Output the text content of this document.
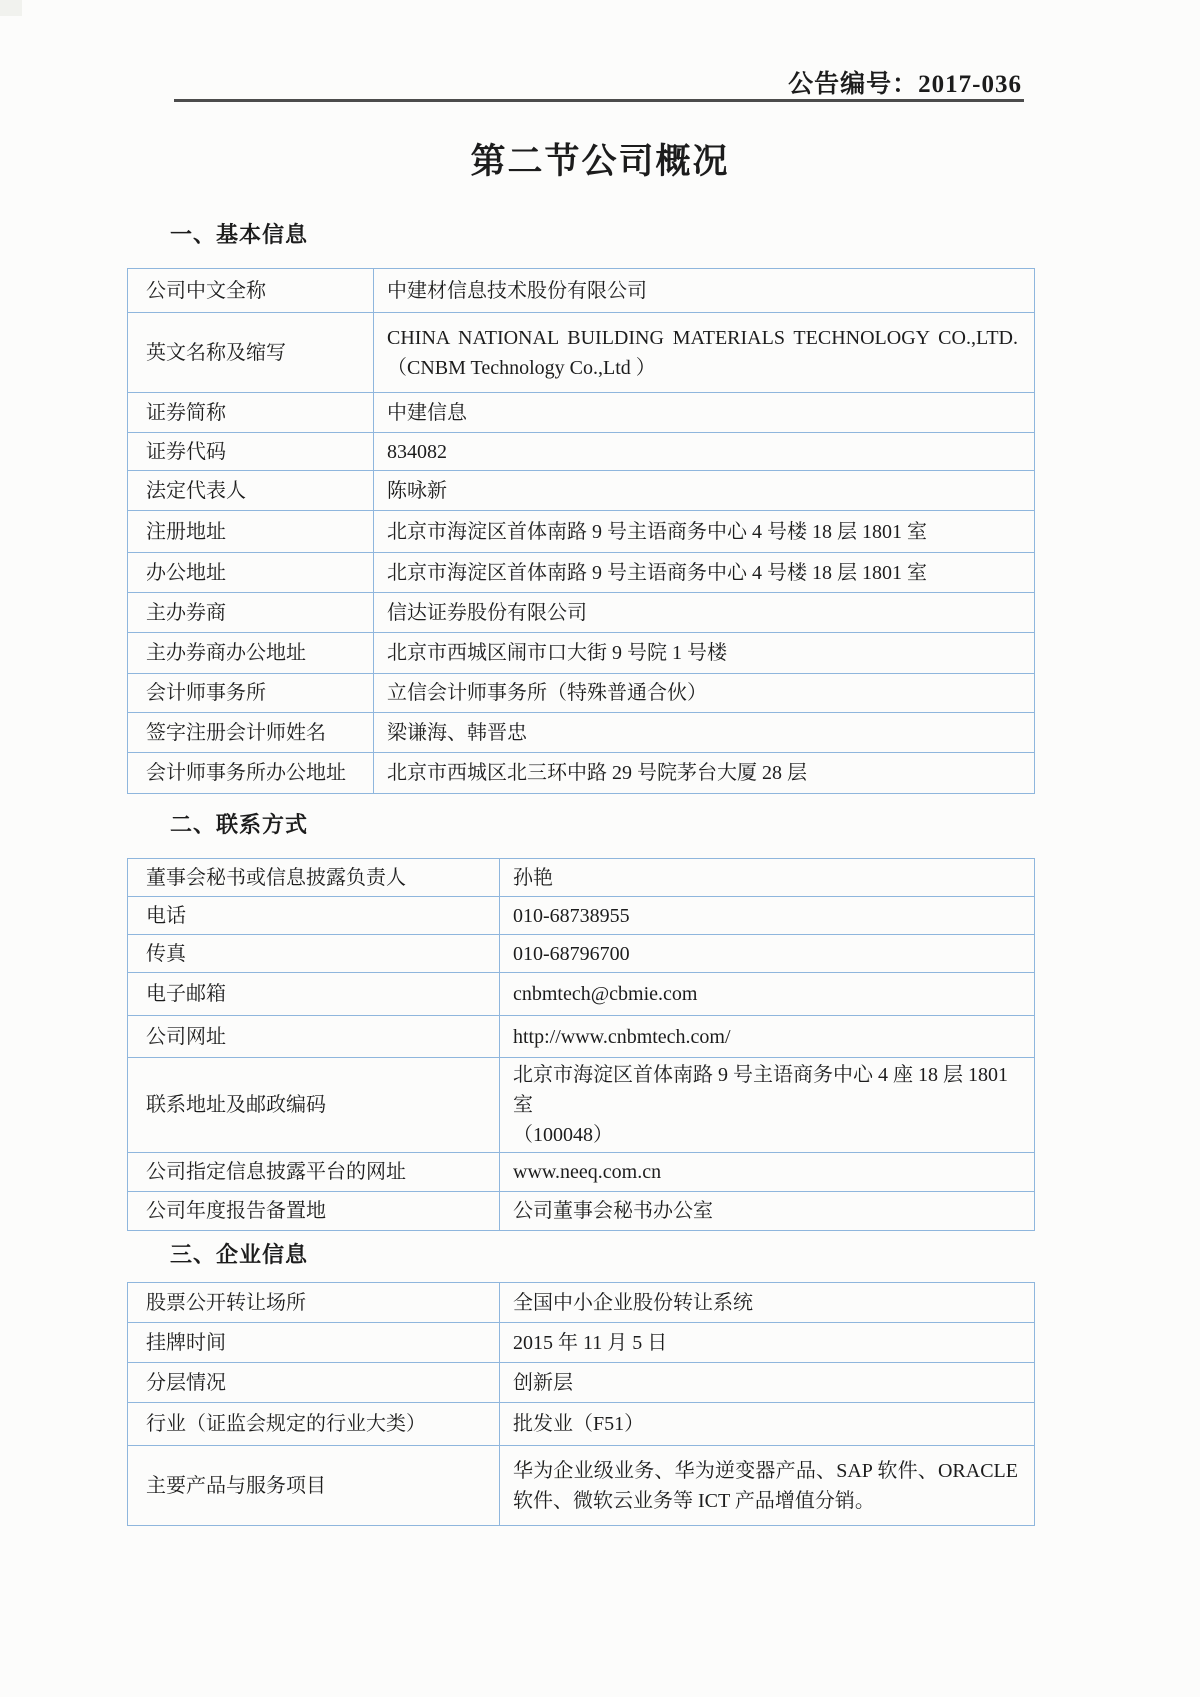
公告编号：2017-036
第二节公司概况
一、基本信息
公司中文全称	中建材信息技术股份有限公司
英文名称及缩写	CHINA NATIONAL BUILDING MATERIALS TECHNOLOGY CO.,LTD.
（CNBM Technology Co.,Ltd ）

证券简称	中建信息
证券代码	834082
法定代表人	陈咏新
注册地址	北京市海淀区首体南路 9 号主语商务中心 4 号楼 18 层 1801 室
办公地址	北京市海淀区首体南路 9 号主语商务中心 4 号楼 18 层 1801 室
主办券商	信达证券股份有限公司
主办券商办公地址	北京市西城区闹市口大街 9 号院 1 号楼
会计师事务所	立信会计师事务所（特殊普通合伙）
签字注册会计师姓名	梁谦海、韩晋忠
会计师事务所办公地址	北京市西城区北三环中路 29 号院茅台大厦 28 层
二、联系方式
董事会秘书或信息披露负责人	孙艳
电话	010-68738955
传真	010-68796700
电子邮箱	cnbmtech@cbmie.com
公司网址	http://www.cnbmtech.com/
联系地址及邮政编码	北京市海淀区首体南路 9 号主语商务中心 4 座 18 层 1801 室
（100048）

公司指定信息披露平台的网址	www.neeq.com.cn
公司年度报告备置地	公司董事会秘书办公室
三、企业信息
股票公开转让场所	全国中小企业股份转让系统
挂牌时间	2015 年 11 月 5 日
分层情况	创新层
行业（证监会规定的行业大类）	批发业（F51）
主要产品与服务项目	华为企业级业务、华为逆变器产品、SAP 软件、ORACLE 软件、微软云业务等 ICT 产品增值分销。
